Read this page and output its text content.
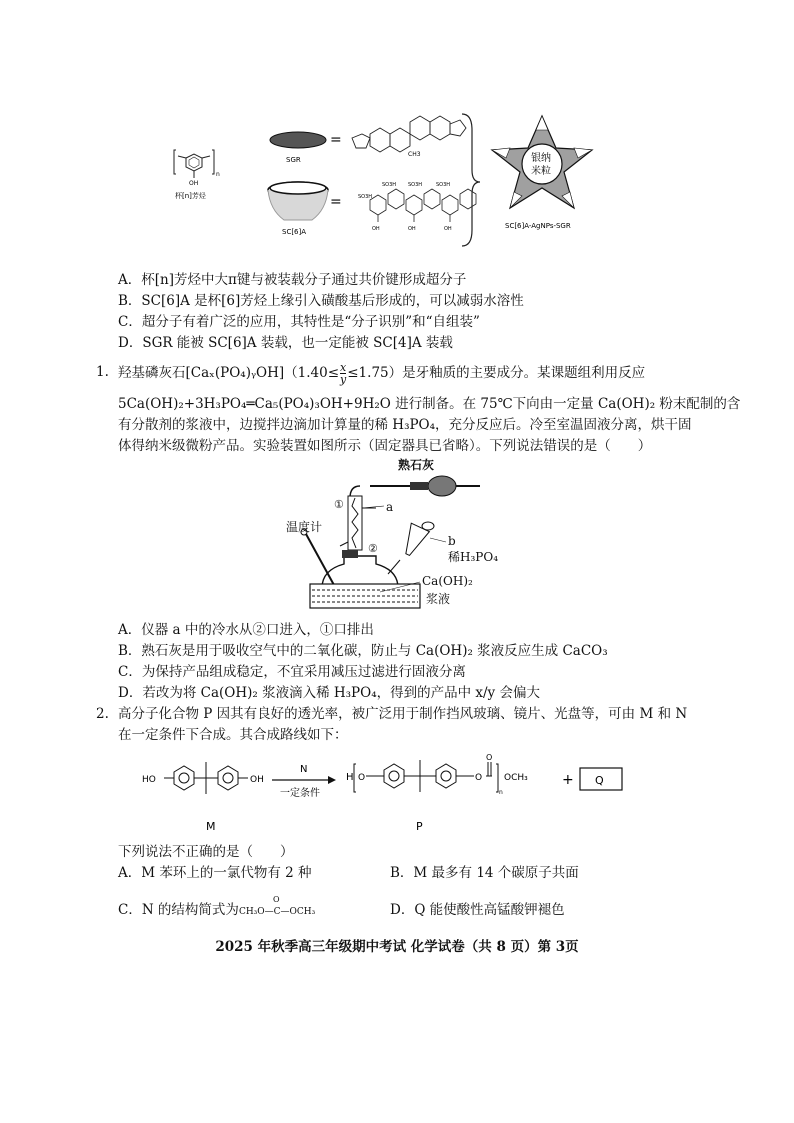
n
OH
杯[n]芳烃
SGR
=
CH3
SC[6]A
=	SO3H
SO3H SO3H	SO3H
OH	OH	OH
银纳
米粒
SC[6]A-AgNPs-SGR
A．杯[n]芳烃中大π键与被装载分子通过共价键形成超分子
B．SC[6]A 是杯[6]芳烃上缘引入磺酸基后形成的，可以减弱水溶性
C．超分子有着广泛的应用，其特性是“分子识别”和“自组装”
D．SGR 能被 SC[6]A 装载，也一定能被 SC[4]A 装载
1. 羟基磷灰石[Caₓ(PO₄)ᵧOH]（1.40≤ $\frac{x}{y} \le 1.75$）是牙釉质的主要成分。某课题组利用反应
5Ca(OH)₂+3H₃PO₄═Ca₅(PO₄)₃OH+9H₂O 进行制备。在 75℃下向由一定量 Ca(OH)₂ 粉末配制的含
有分散剂的浆液中，边搅拌边滴加计算量的稀 H₃PO₄，充分反应后。冷至室温固液分离，烘干固
体得纳米级微粉产品。实验装置如图所示（固定器具已省略）。下列说法错误的是（　　）
熟石灰
①	a
温度计
②
b
稀H₃PO₄
Ca(OH)₂
浆液
A．仪器 a 中的冷水从②口进入，①口排出
B．熟石灰是用于吸收空气中的二氧化碳，防止与 Ca(OH)₂ 浆液反应生成 CaCO₃
C．为保持产品组成稳定，不宜采用减压过滤进行固液分离
D．若改为将 Ca(OH)₂ 浆液滴入稀 H₃PO₄，得到的产品中 x/y 会偏大
2. 高分子化合物 P 因其有良好的透光率，被广泛用于制作挡风玻璃、镜片、光盘等，可由 M 和 N
在一定条件下合成。其合成路线如下：
HO	OH
M
N
一定条件
H O	O
O
n
OCH₃
P
+ Q
下列说法不正确的是（　　）
A．M 苯环上的一氯代物有 2 种	B．M 最多有 14 个碳原子共面
C．N 的结构简式为
O
CH₃O—C—OCH₃	D．Q 能使酸性高锰酸钾褪色
2025 年秋季高三年级期中考试 化学试卷（共 8 页）第 3页
